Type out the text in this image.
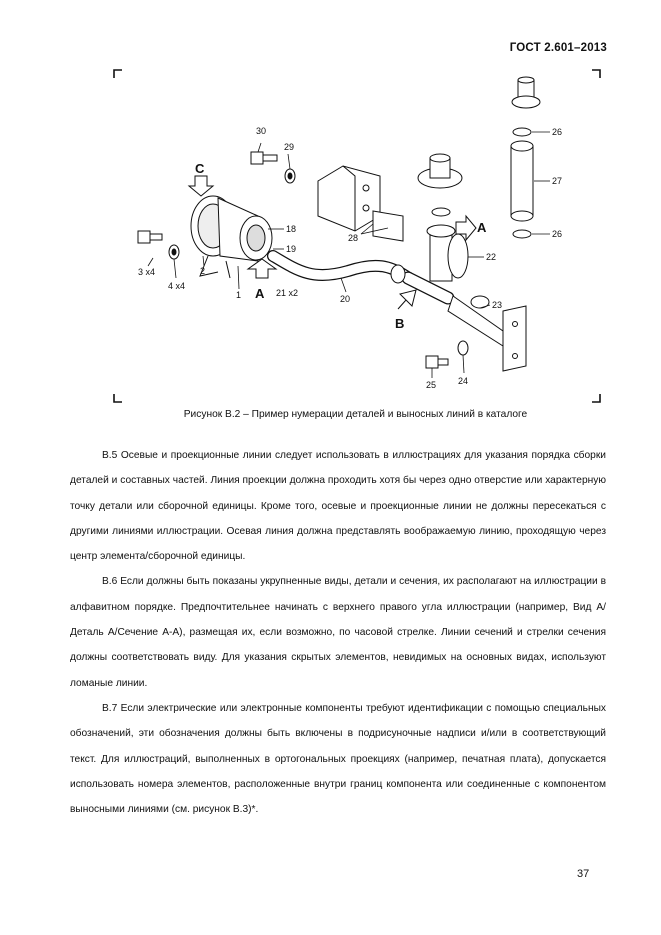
ГОСТ 2.601–2013
30
29
26
27
26
18
19
28
22
3 x4
4 x4
2
1	21 x2
20
23
25 24
C
A
A
B
Рисунок В.2 – Пример нумерации деталей и выносных линий в каталоге

В.5 Осевые и проекционные линии следует использовать в иллюстрациях для указания порядка сборки деталей и составных частей. Линия проекции должна проходить хотя бы через одно отверстие или характерную точку детали или сборочной единицы. Кроме того, осевые и проекционные линии не должны пересекаться с другими линиями иллюстрации. Осевая линия должна представлять воображаемую линию, проходящую через центр элемента/сборочной единицы.

В.6 Если должны быть показаны укрупненные виды, детали и сечения, их располагают на иллюстрации в алфавитном порядке. Предпочтительнее начинать с верхнего правого угла иллюстрации (например, Вид А/Деталь А/Сечение А-А), размещая их, если возможно, по часовой стрелке. Линии сечений и стрелки сечения должны соответствовать виду. Для указания скрытых элементов, невидимых на основных видах, используют ломаные линии.

В.7 Если электрические или электронные компоненты требуют идентификации с помощью специальных обозначений, эти обозначения должны быть включены в подрисуночные надписи и/или в соответствующий текст. Для иллюстраций, выполненных в ортогональных проекциях (например, печатная плата), допускается использовать номера элементов, расположенные внутри границ компонента или соединенные с компонентом выносными линиями (см. рисунок В.3)*.

37
